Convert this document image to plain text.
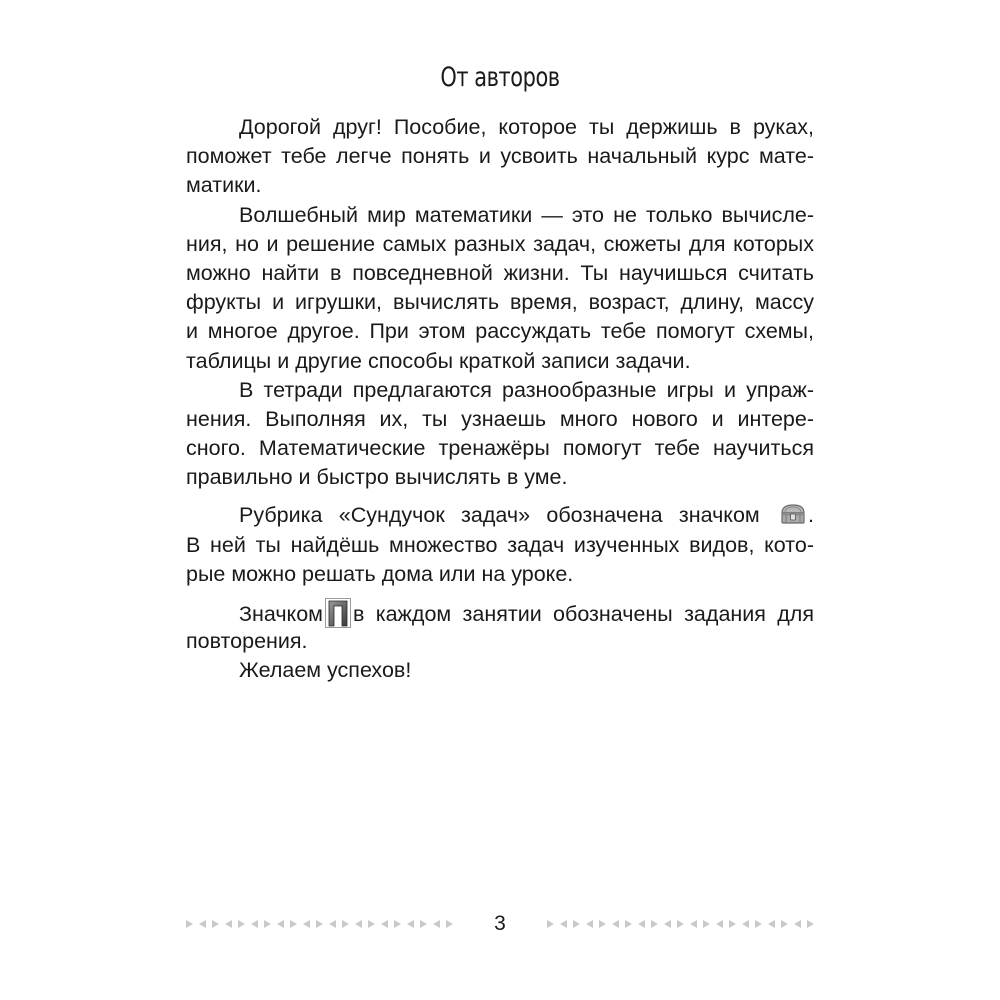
От авторов
Дорогой друг! Пособие, которое ты держишь в руках,
поможет тебе легче понять и усвоить начальный курс мате-
матики.
Волшебный мир математики — это не только вычисле-
ния, но и решение самых разных задач, сюжеты для которых
можно найти в повседневной жизни. Ты научишься считать
фрукты и игрушки, вычислять время, возраст, длину, массу
и многое другое. При этом рассуждать тебе помогут схемы,
таблицы и другие способы краткой записи задачи.
В тетради предлагаются разнообразные игры и упраж-
нения. Выполняя их, ты узнаешь много нового и интере-
сного. Математические тренажёры помогут тебе научиться
правильно и быстро вычислять в уме.
Рубрика «Сундучок задач» обозначена значком .
В ней ты найдёшь множество задач изученных видов, кото-
рые можно решать дома или на уроке.
Значком в каждом занятии обозначены задания для
повторения.
Желаем успехов!
3
